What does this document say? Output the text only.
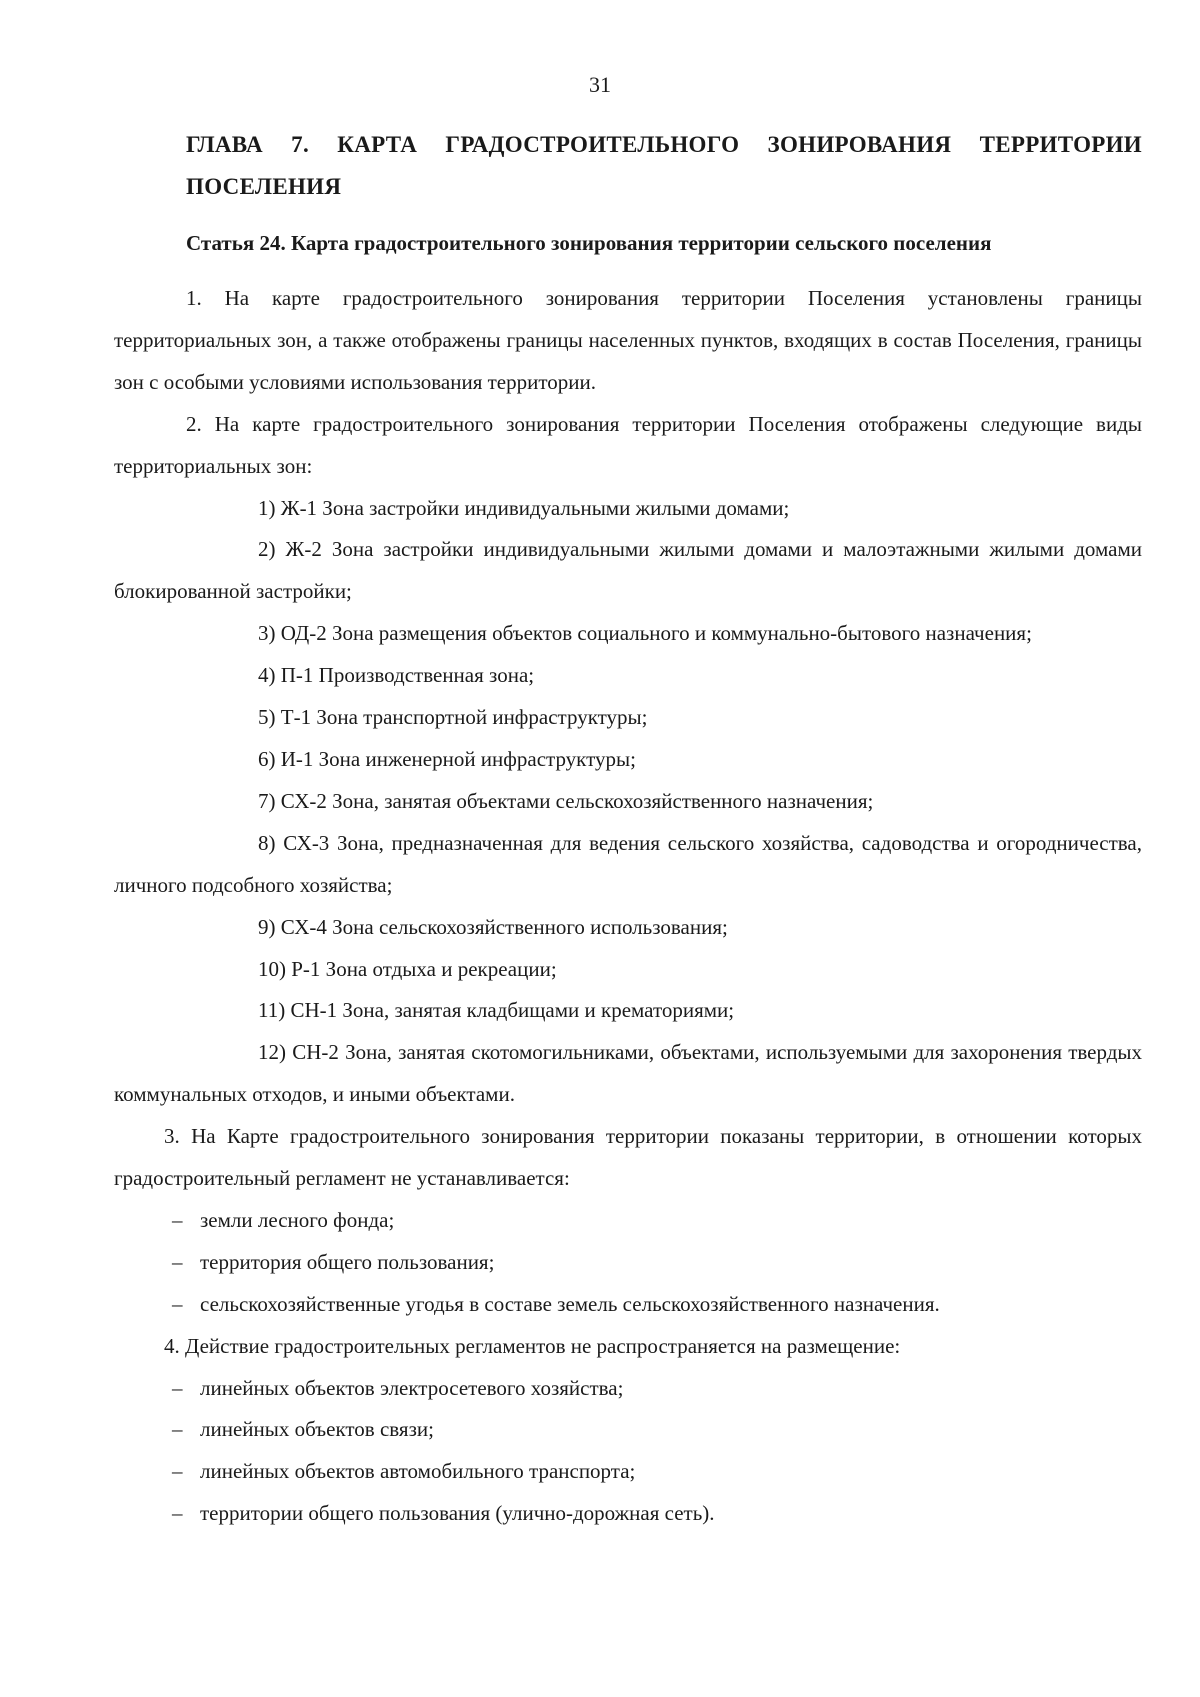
31
ГЛАВА 7. КАРТА ГРАДОСТРОИТЕЛЬНОГО ЗОНИРОВАНИЯ ТЕРРИТОРИИ
ПОСЕЛЕНИЯ
Статья 24. Карта градостроительного зонирования территории сельского поселения

1. На карте градостроительного зонирования территории Поселения установлены границы территориальных зон, а также отображены границы населенных пунктов, входящих в состав Поселения, границы зон с особыми условиями использования территории.

2. На карте градостроительного зонирования территории Поселения отображены следующие виды территориальных зон:

1) Ж-1 Зона застройки индивидуальными жилыми домами;

2) Ж-2 Зона застройки индивидуальными жилыми домами и малоэтажными жилыми домами блокированной застройки;

3) ОД-2 Зона размещения объектов социального и коммунально-бытового назначения;

4) П-1 Производственная зона;

5) Т-1 Зона транспортной инфраструктуры;

6) И-1 Зона инженерной инфраструктуры;

7) СХ-2 Зона, занятая объектами сельскохозяйственного назначения;

8) СХ-3 Зона, предназначенная для ведения сельского хозяйства, садоводства и огородничества, личного подсобного хозяйства;

9) СХ-4 Зона сельскохозяйственного использования;

10) Р-1 Зона отдыха и рекреации;

11) СН-1 Зона, занятая кладбищами и крематориями;

12) СН-2 Зона, занятая скотомогильниками, объектами, используемыми для захоронения твердых коммунальных отходов, и иными объектами.

3. На Карте градостроительного зонирования территории показаны территории, в отношении которых градостроительный регламент не устанавливается:

– земли лесного фонда;

– территория общего пользования;

– сельскохозяйственные угодья в составе земель сельскохозяйственного назначения.

4. Действие градостроительных регламентов не распространяется на размещение:

– линейных объектов электросетевого хозяйства;

– линейных объектов связи;

– линейных объектов автомобильного транспорта;

– территории общего пользования (улично-дорожная сеть).
